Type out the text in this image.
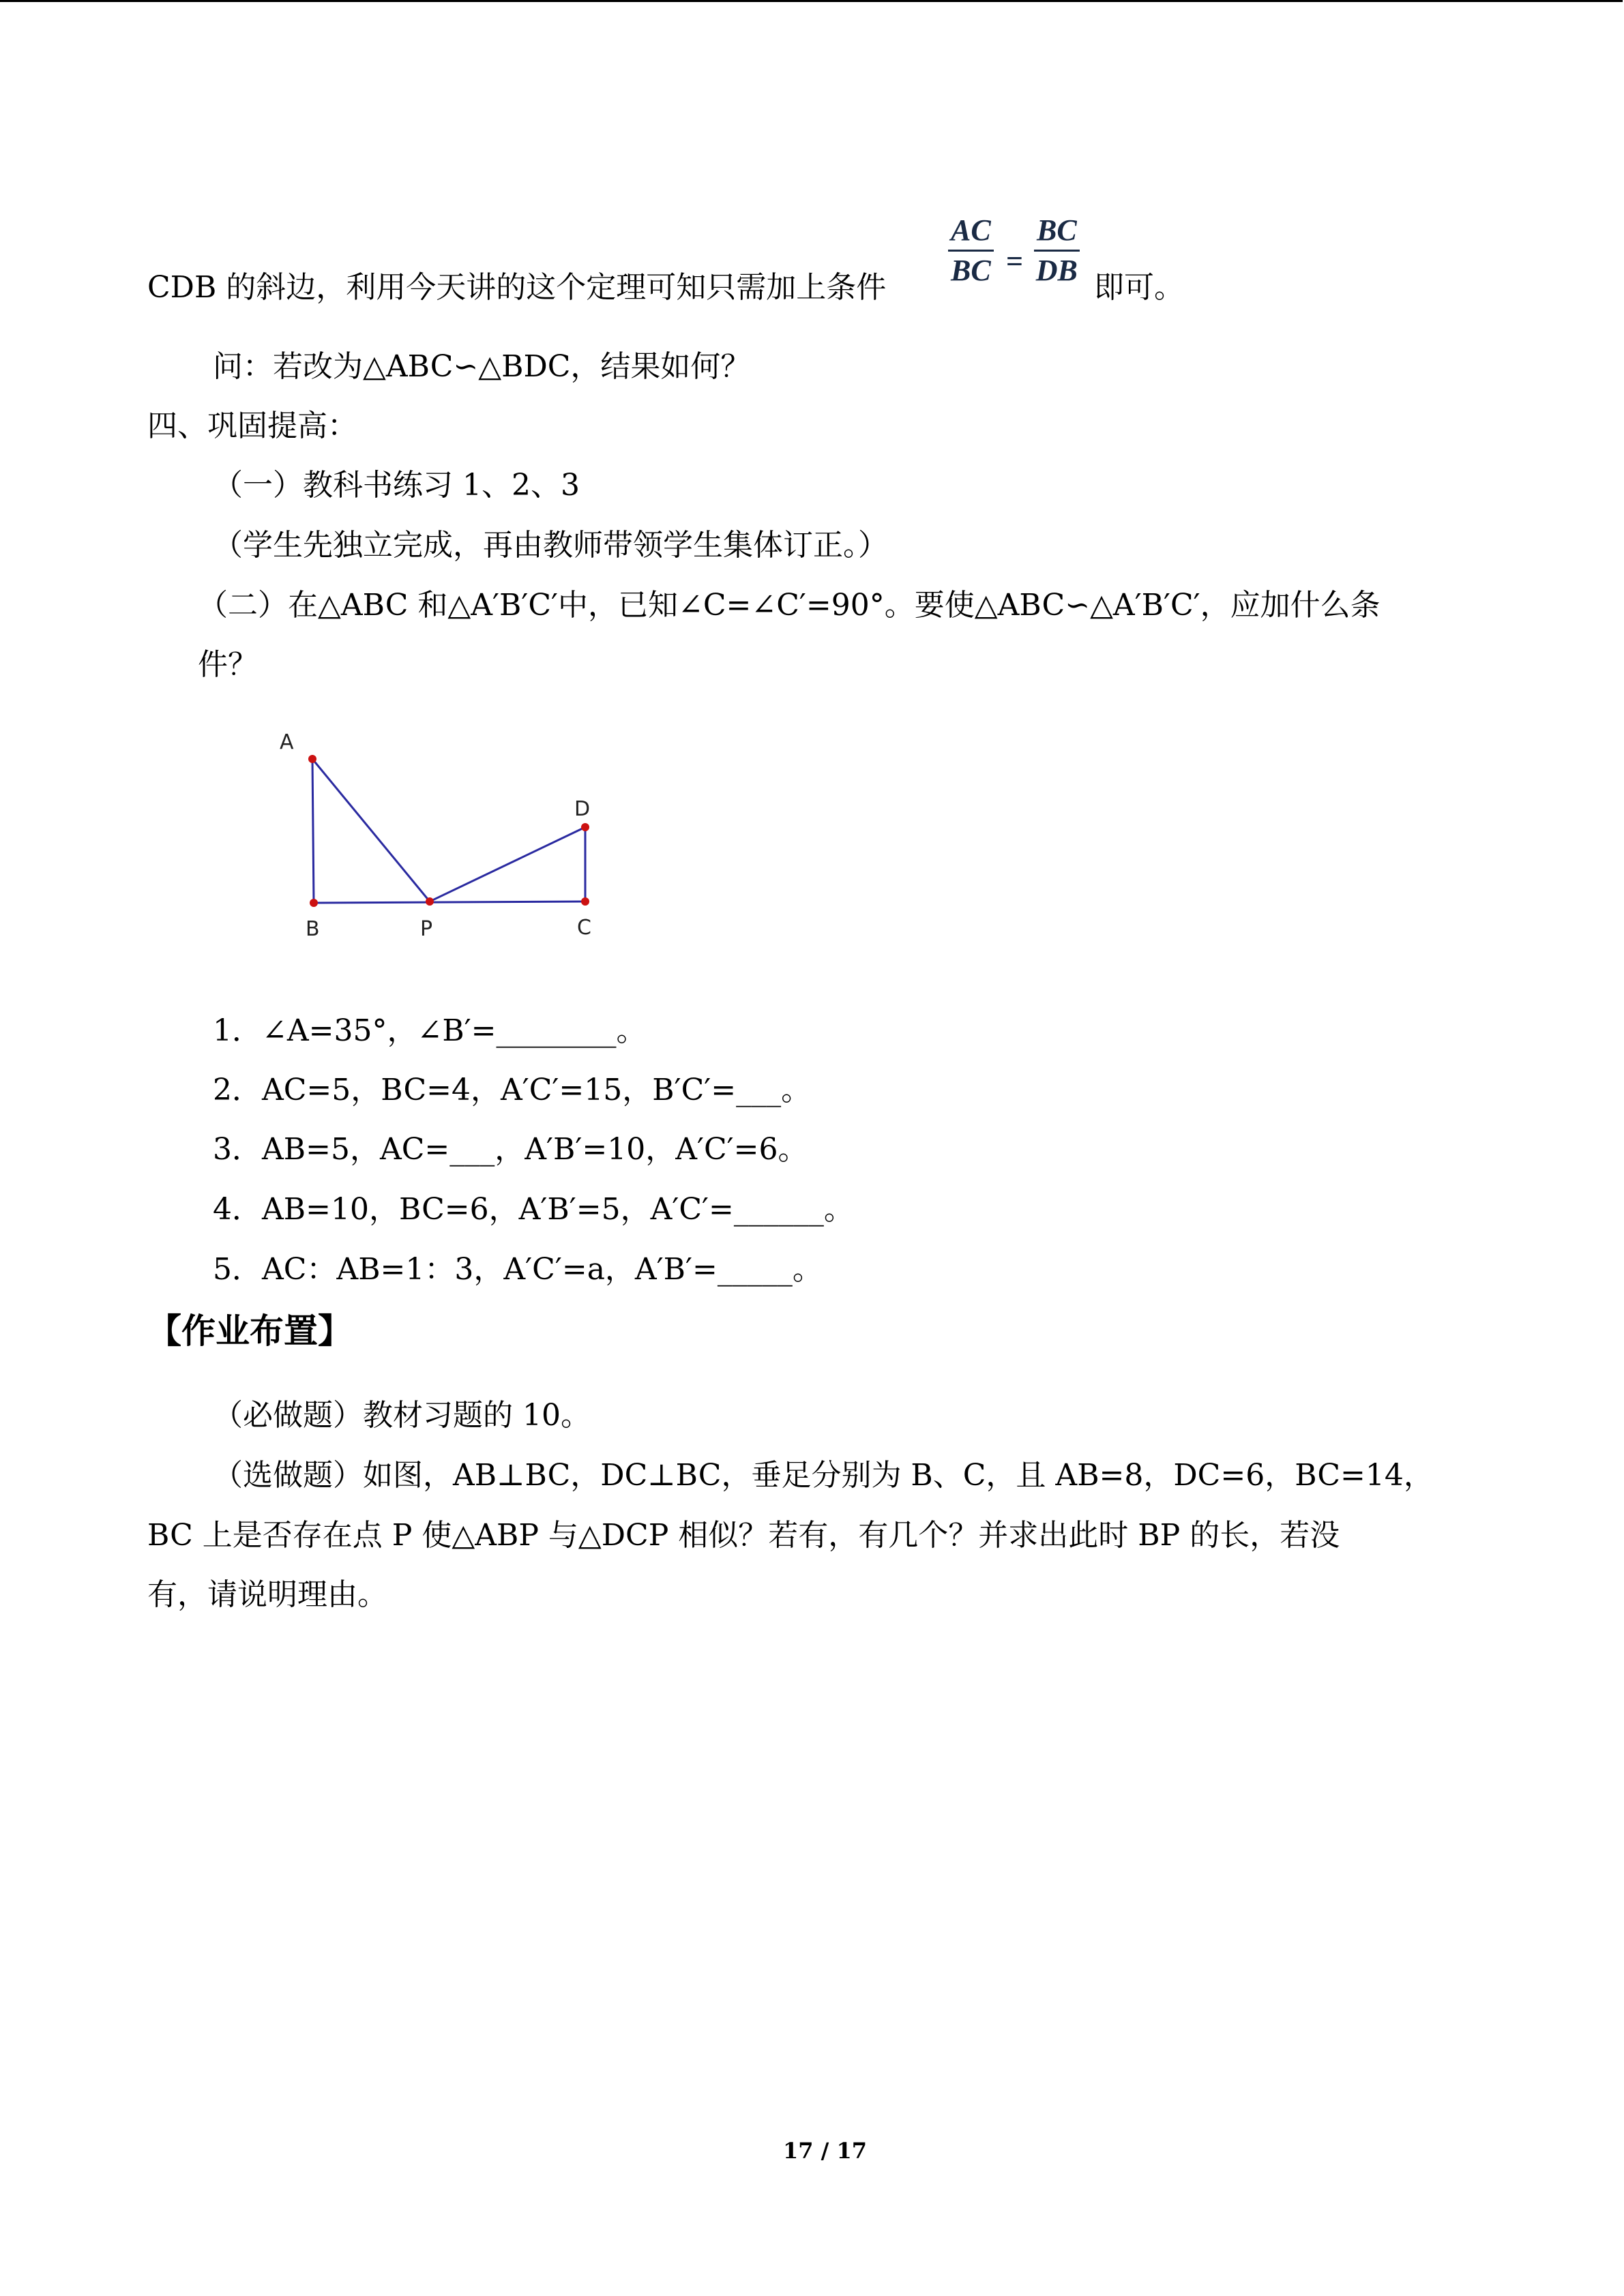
CDB 的斜边，利用今天讲的这个定理可知只需加上条件 $\frac{AC}{BC} = \frac{BC}{DB}$ 即可。
问：若改为△ABC∽△BDC，结果如何？
四、巩固提高：
（一）教科书练习 1、2、3
（学生先独立完成，再由教师带领学生集体订正。）
（二）在△ABC 和△A′B′C′中，已知∠C=∠C′=90°。要使△ABC∽△A′B′C′，应加什么条
件？
A
B	P	C
D
1．∠A=35°，∠B′=________。
2．AC=5，BC=4，A′C′=15，B′C′=___。
3．AB=5，AC=___，A′B′=10，A′C′=6。
4．AB=10，BC=6，A′B′=5，A′C′=______。
5．AC：AB=1：3，A′C′=a，A′B′=_____。
【作业布置】
（必做题）教材习题的 10。
（选做题）如图，AB⊥BC，DC⊥BC，垂足分别为 B、C，且 AB=8，DC=6，BC=14，
BC 上是否存在点 P 使△ABP 与△DCP 相似？若有，有几个？并求出此时 BP 的长，若没
有，请说明理由。
17 / 17
